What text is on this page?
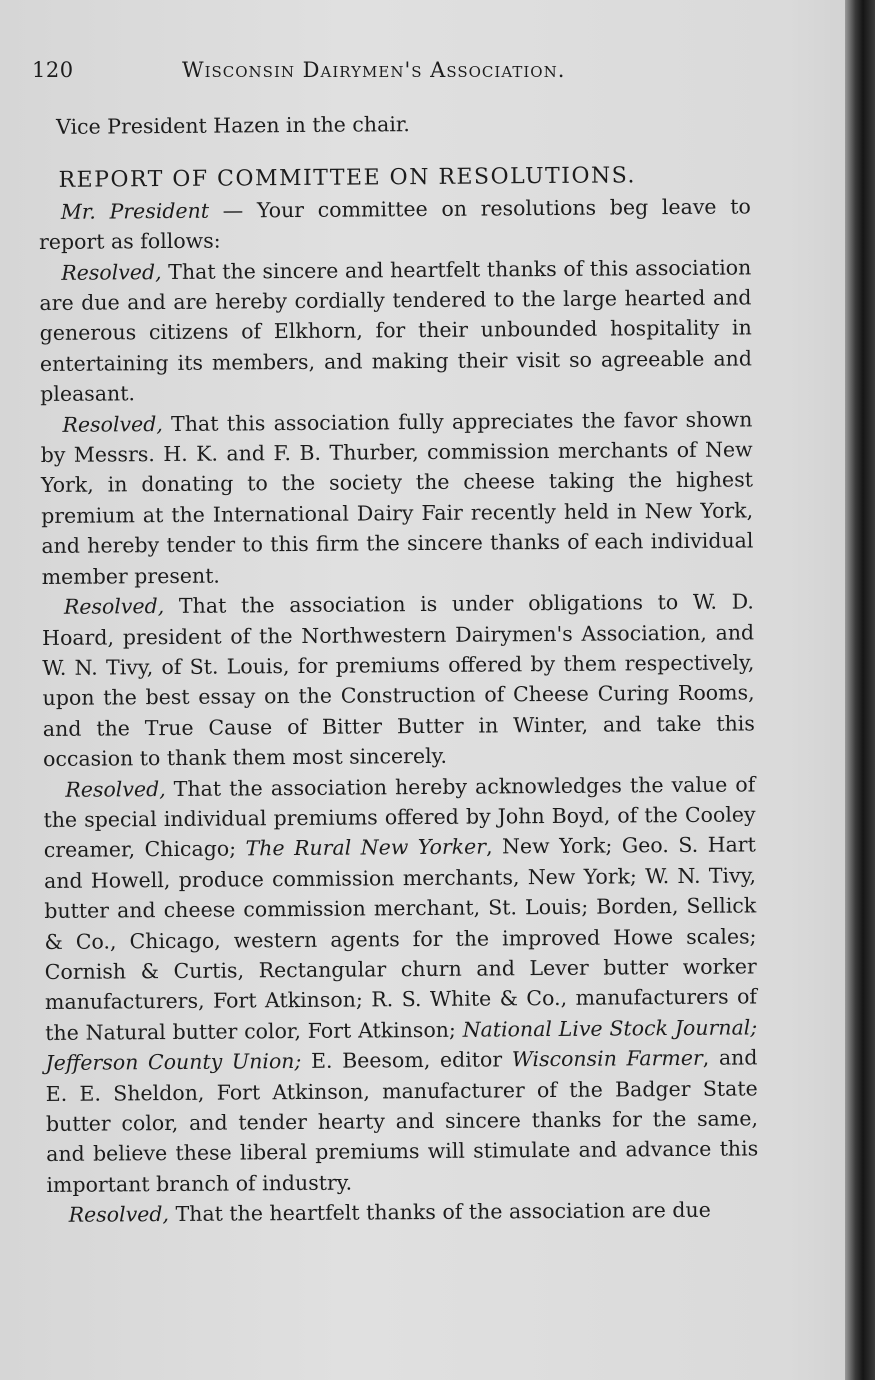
120	Wisconsin Dairymen's Association.

Vice President Hazen in the chair.

REPORT OF COMMITTEE ON RESOLUTIONS.

Mr. President — Your committee on resolutions beg leave to report as follows:

Resolved, That the sincere and heartfelt thanks of this association are due and are hereby cordially tendered to the large hearted and generous citizens of Elkhorn, for their unbounded hospitality in entertaining its members, and making their visit so agreeable and pleasant.

Resolved, That this association fully appreciates the favor shown by Messrs. H. K. and F. B. Thurber, commission merchants of New York, in donating to the society the cheese taking the highest premium at the International Dairy Fair recently held in New York, and hereby tender to this firm the sincere thanks of each individual member present.

Resolved, That the association is under obligations to W. D. Hoard, president of the Northwestern Dairymen's Association, and W. N. Tivy, of St. Louis, for premiums offered by them respectively, upon the best essay on the Construction of Cheese Curing Rooms, and the True Cause of Bitter Butter in Winter, and take this occasion to thank them most sincerely.

Resolved, That the association hereby acknowledges the value of the special individual premiums offered by John Boyd, of the Cooley creamer, Chicago; The Rural New Yorker, New York; Geo. S. Hart and Howell, produce commission merchants, New York; W. N. Tivy, butter and cheese commission merchant, St. Louis; Borden, Sellick & Co., Chicago, western agents for the improved Howe scales; Cornish & Curtis, Rectangular churn and Lever butter worker manufacturers, Fort Atkinson; R. S. White & Co., manufacturers of the Natural butter color, Fort Atkinson; National Live Stock Journal; Jefferson County Union; E. Beesom, editor Wisconsin Farmer, and E. E. Sheldon, Fort Atkinson, manufacturer of the Badger State butter color, and tender hearty and sincere thanks for the same, and believe these liberal premiums will stimulate and advance this important branch of industry.

Resolved, That the heartfelt thanks of the association are due
